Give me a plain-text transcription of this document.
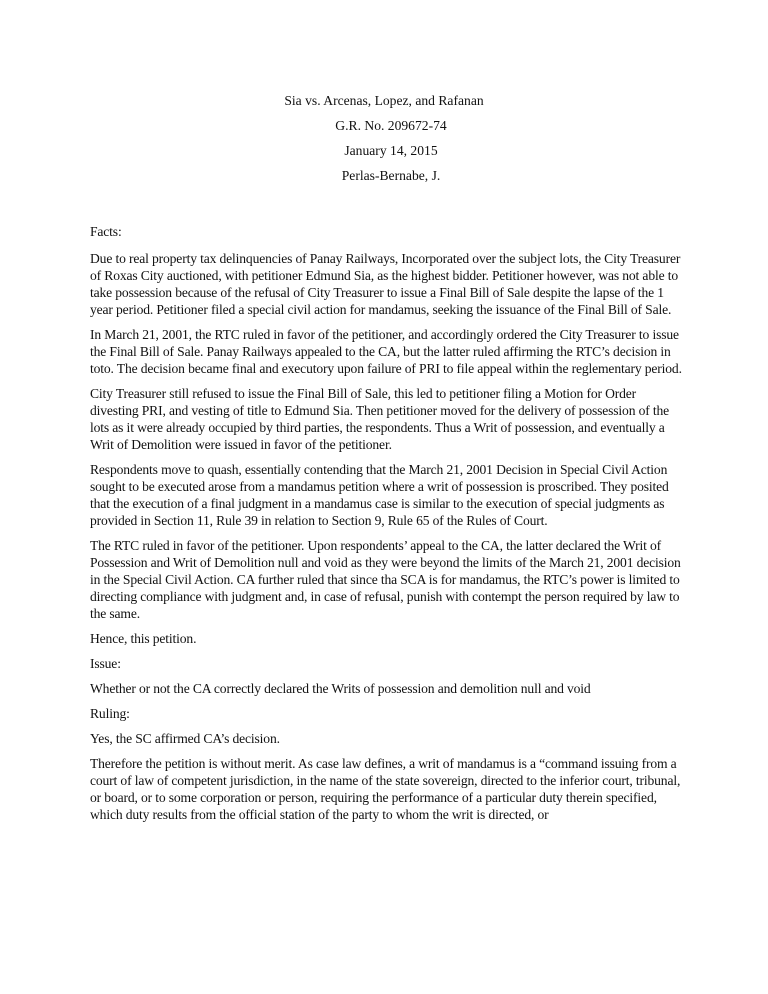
Sia vs. Arcenas, Lopez, and Rafanan
G.R. No. 209672-74
January 14, 2015
Perlas-Bernabe, J.

Facts:

Due to real property tax delinquencies of Panay Railways, Incorporated over the subject lots, the City Treasurer of Roxas City auctioned, with petitioner Edmund Sia, as the highest bidder. Petitioner however, was not able to take possession because of the refusal of City Treasurer to issue a Final Bill of Sale despite the lapse of the 1 year period. Petitioner filed a special civil action for mandamus, seeking the issuance of the Final Bill of Sale.

In March 21, 2001, the RTC ruled in favor of the petitioner, and accordingly ordered the City Treasurer to issue the Final Bill of Sale. Panay Railways appealed to the CA, but the latter ruled affirming the RTC’s decision in toto. The decision became final and executory upon failure of PRI to file appeal within the reglementary period.

City Treasurer still refused to issue the Final Bill of Sale, this led to petitioner filing a Motion for Order divesting PRI, and vesting of title to Edmund Sia. Then petitioner moved for the delivery of possession of the lots as it were already occupied by third parties, the respondents. Thus a Writ of possession, and eventually a Writ of Demolition were issued in favor of the petitioner.

Respondents move to quash, essentially contending that the March 21, 2001 Decision in Special Civil Action sought to be executed arose from a mandamus petition where a writ of possession is proscribed. They posited that the execution of a final judgment in a mandamus case is similar to the execution of special judgments as provided in Section 11, Rule 39 in relation to Section 9, Rule 65 of the Rules of Court.

The RTC ruled in favor of the petitioner. Upon respondents’ appeal to the CA, the latter declared the Writ of Possession and Writ of Demolition null and void as they were beyond the limits of the March 21, 2001 decision in the Special Civil Action. CA further ruled that since tha SCA is for mandamus, the RTC’s power is limited to directing compliance with judgment and, in case of refusal, punish with contempt the person required by law to the same.

Hence, this petition.

Issue:

Whether or not the CA correctly declared the Writs of possession and demolition null and void

Ruling:

Yes, the SC affirmed CA’s decision.

Therefore the petition is without merit. As case law defines, a writ of mandamus is a “command issuing from a court of law of competent jurisdiction, in the name of the state sovereign, directed to the inferior court, tribunal, or board, or to some corporation or person, requiring the performance of a particular duty therein specified, which duty results from the official station of the party to whom the writ is directed, or
